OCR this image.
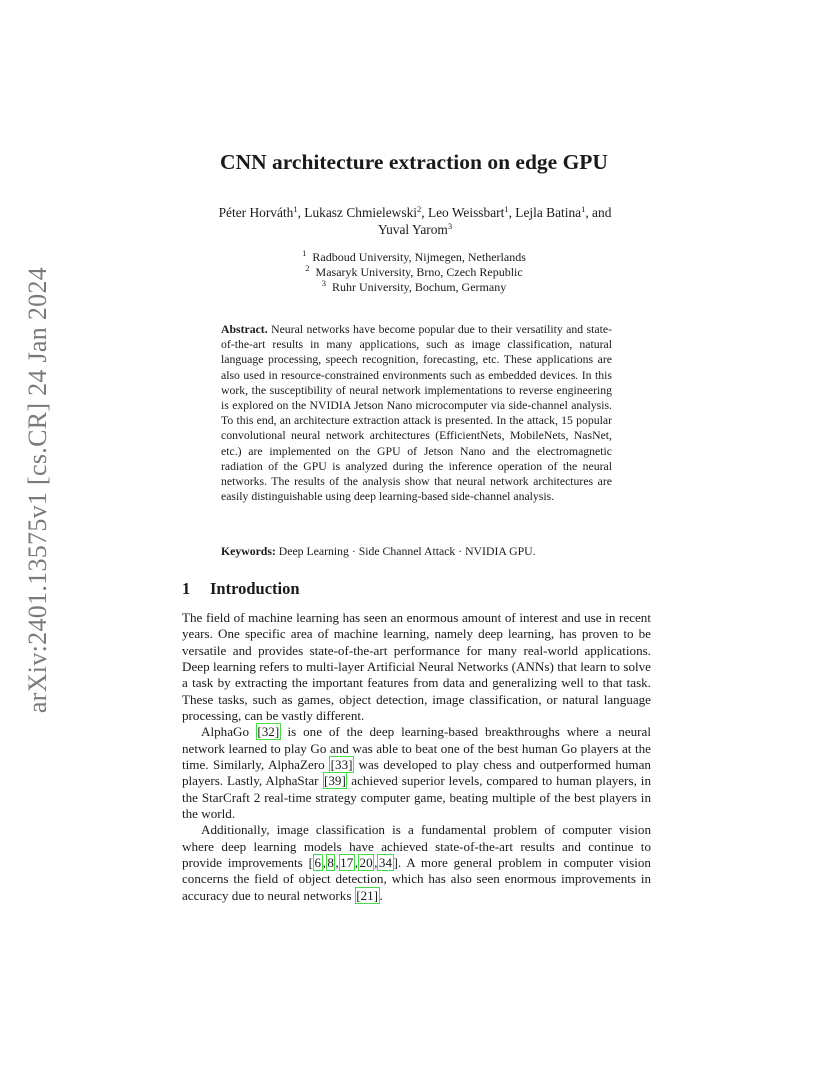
arXiv:2401.13575v1 [cs.CR] 24 Jan 2024
CNN architecture extraction on edge GPU
Péter Horváth$^1$, Lukasz Chmielewski$^2$, Leo Weissbart$^1$, Lejla Batina$^1$, and
Yuval Yarom$^3$
$^1$ Radboud University, Nijmegen, Netherlands
$^2$ Masaryk University, Brno, Czech Republic
$^3$ Ruhr University, Bochum, Germany
Abstract. Neural networks have become popular due to their versatility and state-of-the-art results in many applications, such as image classification, natural language processing, speech recognition, forecasting, etc. These applications are also used in resource-constrained environments such as embedded devices. In this work, the susceptibility of neural network implementations to reverse engineering is explored on the NVIDIA Jetson Nano microcomputer via side-channel analysis. To this end, an architecture extraction attack is presented. In the attack, 15 popular convolutional neural network architectures (EfficientNets, MobileNets, NasNet, etc.) are implemented on the GPU of Jetson Nano and the electromagnetic radiation of the GPU is analyzed during the inference operation of the neural networks. The results of the analysis show that neural network architectures are easily distinguishable using deep learning-based side-channel analysis.
Keywords: Deep Learning · Side Channel Attack · NVIDIA GPU.
1 Introduction

The field of machine learning has seen an enormous amount of interest and use in recent years. One specific area of machine learning, namely deep learning, has proven to be versatile and provides state-of-the-art performance for many real-world applications. Deep learning refers to multi-layer Artificial Neural Networks (ANNs) that learn to solve a task by extracting the important features from data and generalizing well to that task. These tasks, such as games, object detection, image classification, or natural language processing, can be vastly different.

AlphaGo [32] is one of the deep learning-based breakthroughs where a neural network learned to play Go and was able to beat one of the best human Go players at the time. Similarly, AlphaZero [33] was developed to play chess and outperformed human players. Lastly, AlphaStar [39] achieved superior levels, compared to human players, in the StarCraft 2 real-time strategy computer game, beating multiple of the best players in the world.

Additionally, image classification is a fundamental problem of computer vision where deep learning models have achieved state-of-the-art results and continue to provide improvements [ 6 , 8 , 17 , 20 , 34 ]. A more general problem in computer vision concerns the field of object detection, which has also seen enormous improvements in accuracy due to neural networks [21] .
